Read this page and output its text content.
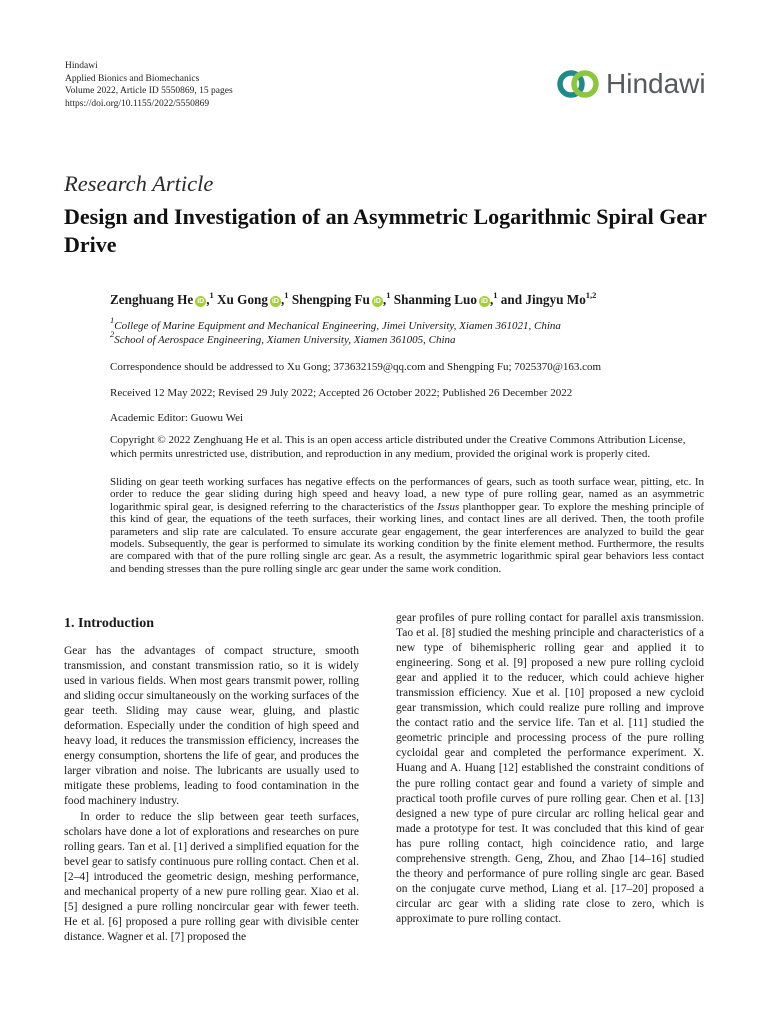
Hindawi
Applied Bionics and Biomechanics
Volume 2022, Article ID 5550869, 15 pages
https://doi.org/10.1155/2022/5550869
Hindawi
Research Article
Design and Investigation of an Asymmetric Logarithmic Spiral Gear Drive
Zenghuang He iD ,$^1$ Xu Gong iD ,$^1$ Shengping Fu iD ,$^1$ Shanming Luo iD ,$^1$ and Jingyu Mo$^{1,2}$
$^1$College of Marine Equipment and Mechanical Engineering, Jimei University, Xiamen 361021, China
$^2$School of Aerospace Engineering, Xiamen University, Xiamen 361005, China
Correspondence should be addressed to Xu Gong; 373632159@qq.com and Shengping Fu; 7025370@163.com
Received 12 May 2022; Revised 29 July 2022; Accepted 26 October 2022; Published 26 December 2022
Academic Editor: Guowu Wei
Copyright © 2022 Zenghuang He et al. This is an open access article distributed under the Creative Commons Attribution License, which permits unrestricted use, distribution, and reproduction in any medium, provided the original work is properly cited.
Sliding on gear teeth working surfaces has negative effects on the performances of gears, such as tooth surface wear, pitting, etc. In order to reduce the gear sliding during high speed and heavy load, a new type of pure rolling gear, named as an asymmetric logarithmic spiral gear, is designed referring to the characteristics of the Issus planthopper gear. To explore the meshing principle of this kind of gear, the equations of the teeth surfaces, their working lines, and contact lines are all derived. Then, the tooth profile parameters and slip rate are calculated. To ensure accurate gear engagement, the gear interferences are analyzed to build the gear models. Subsequently, the gear is performed to simulate its working condition by the finite element method. Furthermore, the results are compared with that of the pure rolling single arc gear. As a result, the asymmetric logarithmic spiral gear behaviors less contact and bending stresses than the pure rolling single arc gear under the same work condition.
1. Introduction

Gear has the advantages of compact structure, smooth transmission, and constant transmission ratio, so it is widely used in various fields. When most gears transmit power, rolling and sliding occur simultaneously on the working surfaces of the gear teeth. Sliding may cause wear, gluing, and plastic deformation. Especially under the condition of high speed and heavy load, it reduces the transmission efficiency, increases the energy consumption, shortens the life of gear, and produces the larger vibration and noise. The lubricants are usually used to mitigate these problems, leading to food contamination in the food machinery industry.

In order to reduce the slip between gear teeth surfaces, scholars have done a lot of explorations and researches on pure rolling gears. Tan et al. [1] derived a simplified equation for the bevel gear to satisfy continuous pure rolling contact. Chen et al. [2–4] introduced the geometric design, meshing performance, and mechanical property of a new pure rolling gear. Xiao et al. [5] designed a pure rolling noncircular gear with fewer teeth. He et al. [6] proposed a pure rolling gear with divisible center distance. Wagner et al. [7] proposed the

gear profiles of pure rolling contact for parallel axis transmission. Tao et al. [8] studied the meshing principle and characteristics of a new type of bihemispheric rolling gear and applied it to engineering. Song et al. [9] proposed a new pure rolling cycloid gear and applied it to the reducer, which could achieve higher transmission efficiency. Xue et al. [10] proposed a new cycloid gear transmission, which could realize pure rolling and improve the contact ratio and the service life. Tan et al. [11] studied the geometric principle and processing process of the pure rolling cycloidal gear and completed the performance experiment. X. Huang and A. Huang [12] established the constraint conditions of the pure rolling contact gear and found a variety of simple and practical tooth profile curves of pure rolling gear. Chen et al. [13] designed a new type of pure circular arc rolling helical gear and made a prototype for test. It was concluded that this kind of gear has pure rolling contact, high coincidence ratio, and large comprehensive strength. Geng, Zhou, and Zhao [14–16] studied the theory and performance of pure rolling single arc gear. Based on the conjugate curve method, Liang et al. [17–20] proposed a circular arc gear with a sliding rate close to zero, which is approximate to pure rolling contact.
